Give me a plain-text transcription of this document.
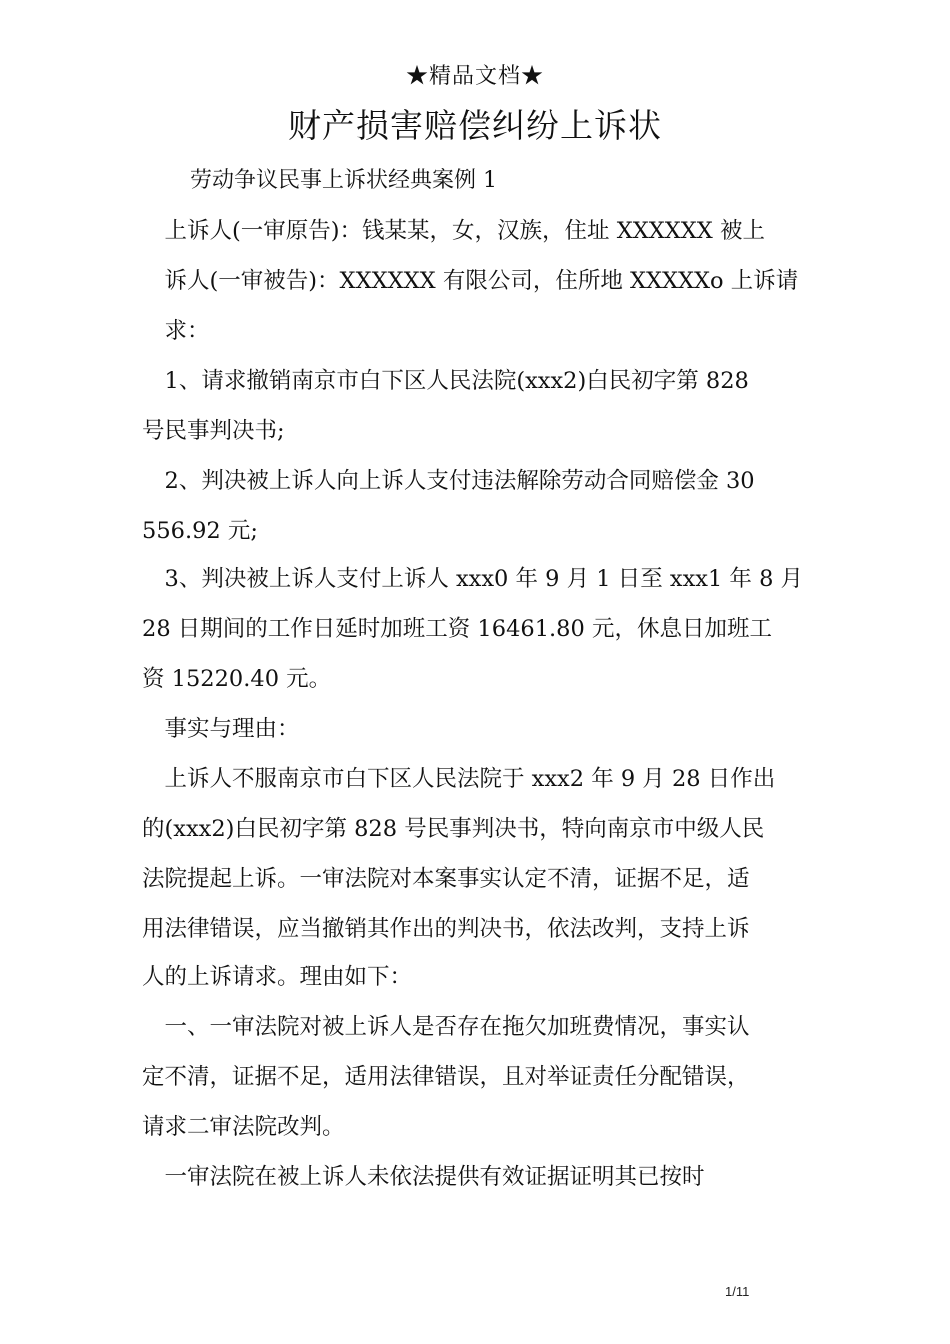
★精品文档★
财产损害赔偿纠纷上诉状
劳动争议民事上诉状经典案例 1
　上诉人(一审原告)：钱某某，女，汉族，住址 XXXXXX 被上
　诉人(一审被告)：XXXXXX 有限公司，住所地 XXXXXo 上诉请
　求：
　1、请求撤销南京市白下区人民法院(xxx2)白民初字第 828
号民事判决书;
　2、判决被上诉人向上诉人支付违法解除劳动合同赔偿金 30
556.92 元;
　3、判决被上诉人支付上诉人 xxx0 年 9 月 1 日至 xxx1 年 8 月
28 日期间的工作日延时加班工资 16461.80 元，休息日加班工
资 15220.40 元。
　事实与理由：
　上诉人不服南京市白下区人民法院于 xxx2 年 9 月 28 日作出
的(xxx2)白民初字第 828 号民事判决书，特向南京市中级人民
法院提起上诉。一审法院对本案事实认定不清，证据不足，适
用法律错误，应当撤销其作出的判决书，依法改判，支持上诉
人的上诉请求。理由如下：
　一、一审法院对被上诉人是否存在拖欠加班费情况，事实认
定不清，证据不足，适用法律错误，且对举证责任分配错误，
请求二审法院改判。
　一审法院在被上诉人未依法提供有效证据证明其已按时
1/11
